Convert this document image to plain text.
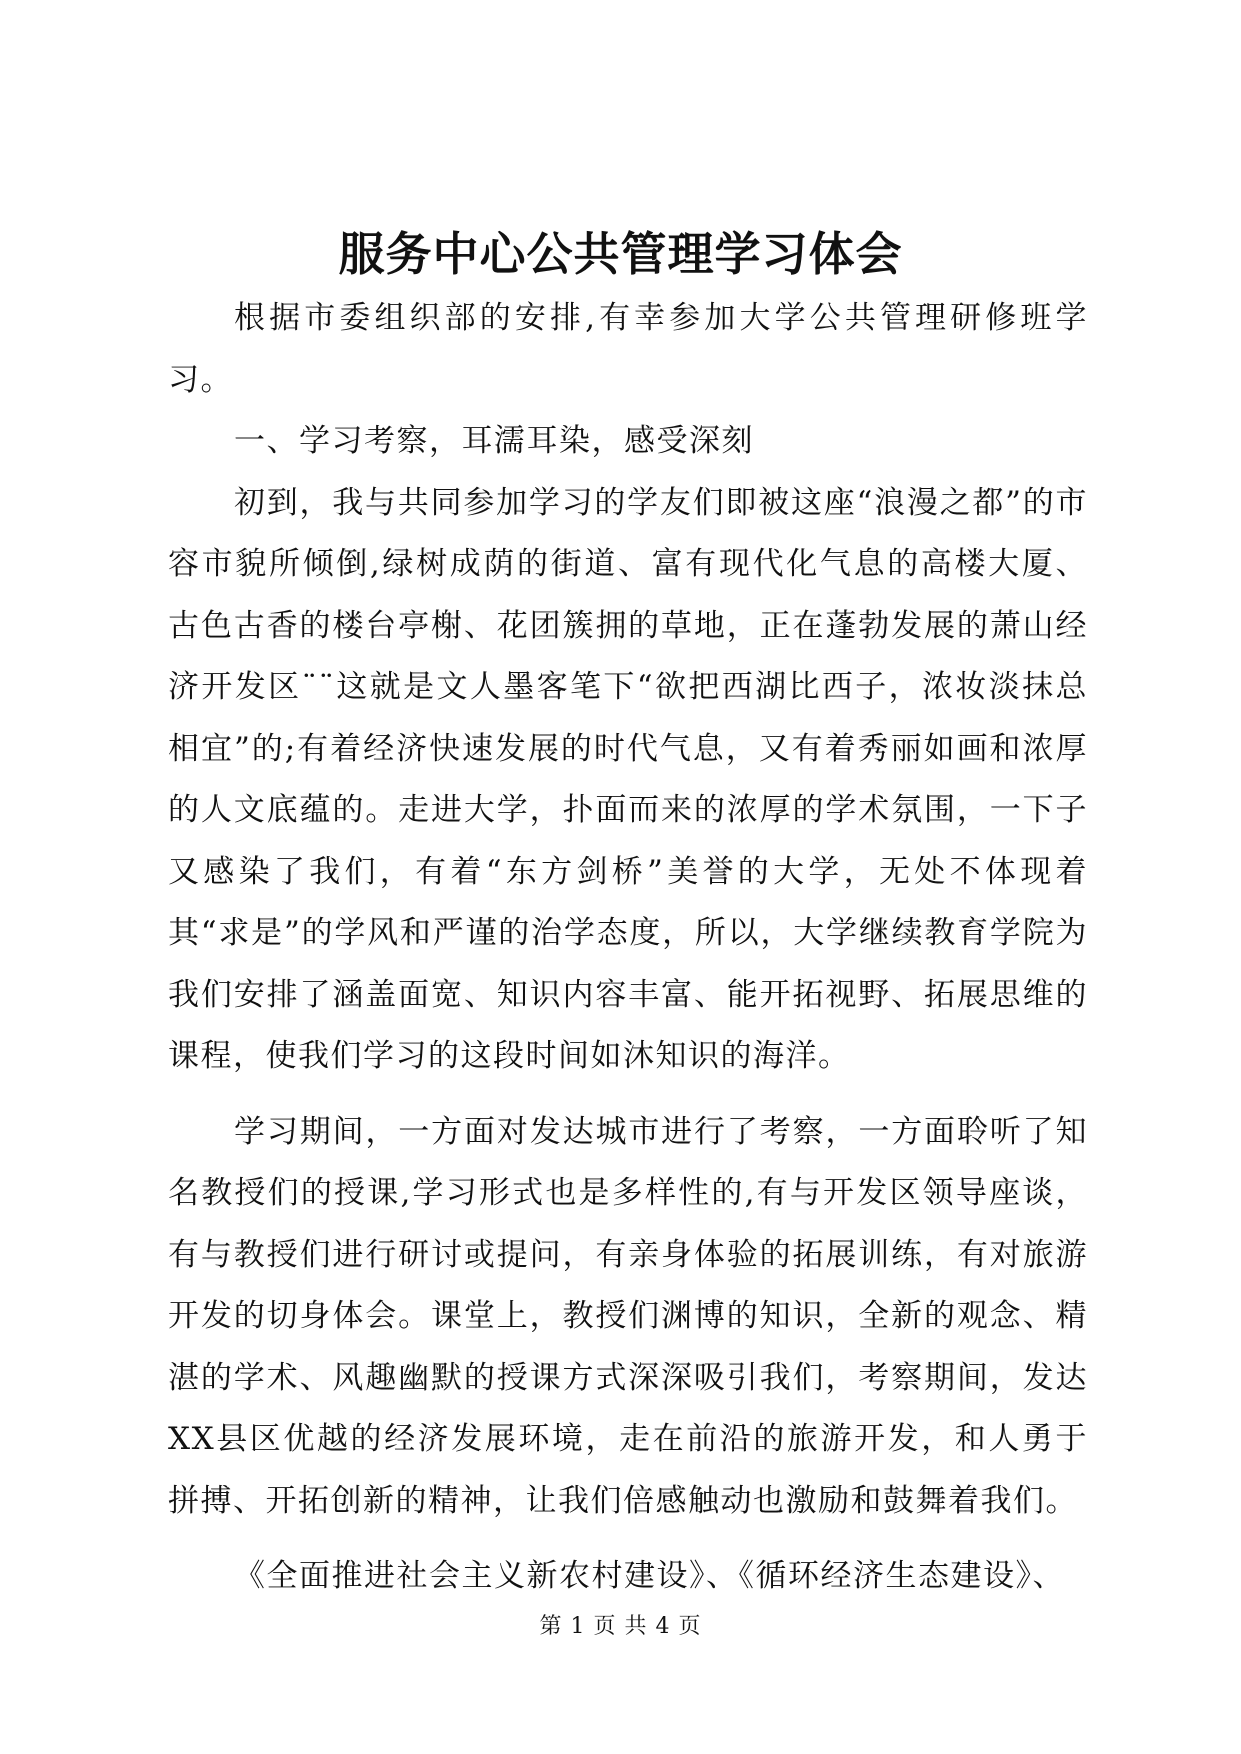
服务中心公共管理学习体会

根据市委组织部的安排,有幸参加大学公共管理研修班学习。

一、学习考察，耳濡耳染，感受深刻

初到，我与共同参加学习的学友们即被这座“浪漫之都”的市容市貌所倾倒,绿树成荫的街道、富有现代化气息的高楼大厦、古色古香的楼台亭榭、花团簇拥的草地，正在蓬勃发展的萧山经济开发区¨¨这就是文人墨客笔下“欲把西湖比西子，浓妆淡抹总相宜”的;有着经济快速发展的时代气息，又有着秀丽如画和浓厚的人文底蕴的。走进大学，扑面而来的浓厚的学术氛围，一下子又感染了我们，有着“东方剑桥”美誉的大学，无处不体现着其“求是”的学风和严谨的治学态度，所以，大学继续教育学院为我们安排了涵盖面宽、知识内容丰富、能开拓视野、拓展思维的课程，使我们学习的这段时间如沐知识的海洋。

学习期间，一方面对发达城市进行了考察，一方面聆听了知名教授们的授课,学习形式也是多样性的,有与开发区领导座谈，有与教授们进行研讨或提问，有亲身体验的拓展训练，有对旅游开发的切身体会。课堂上，教授们渊博的知识，全新的观念、精湛的学术、风趣幽默的授课方式深深吸引我们，考察期间，发达XX县区优越的经济发展环境，走在前沿的旅游开发，和人勇于拼搏、开拓创新的精神，让我们倍感触动也激励和鼓舞着我们。

《全面推进社会主义新农村建设》、《循环经济生态建设》、

第 1 页 共 4 页
